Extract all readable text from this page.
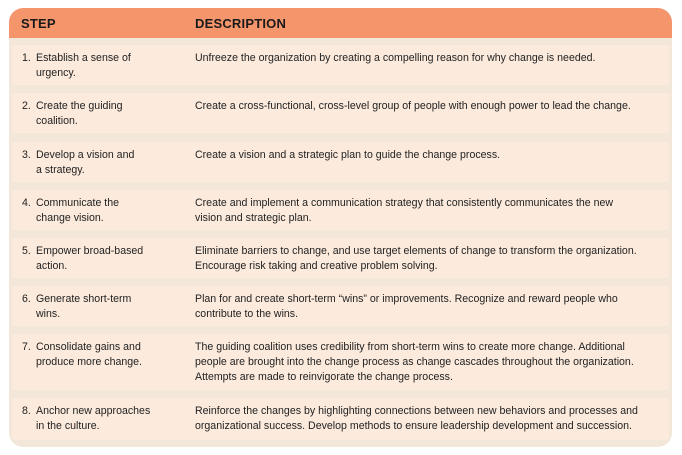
STEP	DESCRIPTION
1. Establish a sense of
urgency.
Unfreeze the organization by creating a compelling reason for why change is needed.
2. Create the guiding
coalition.
Create a cross-functional, cross-level group of people with enough power to lead the change.
3. Develop a vision and
a strategy.
Create a vision and a strategic plan to guide the change process.
4. Communicate the
change vision.
Create and implement a communication strategy that consistently communicates the new
vision and strategic plan.
5. Empower broad-based
action.
Eliminate barriers to change, and use target elements of change to transform the organization.
Encourage risk taking and creative problem solving.
6. Generate short-term
wins.
Plan for and create short-term “wins” or improvements. Recognize and reward people who
contribute to the wins.
7. Consolidate gains and
produce more change.
The guiding coalition uses credibility from short-term wins to create more change. Additional
people are brought into the change process as change cascades throughout the organization.
Attempts are made to reinvigorate the change process.
8. Anchor new approaches
in the culture.
Reinforce the changes by highlighting connections between new behaviors and processes and
organizational success. Develop methods to ensure leadership development and succession.
